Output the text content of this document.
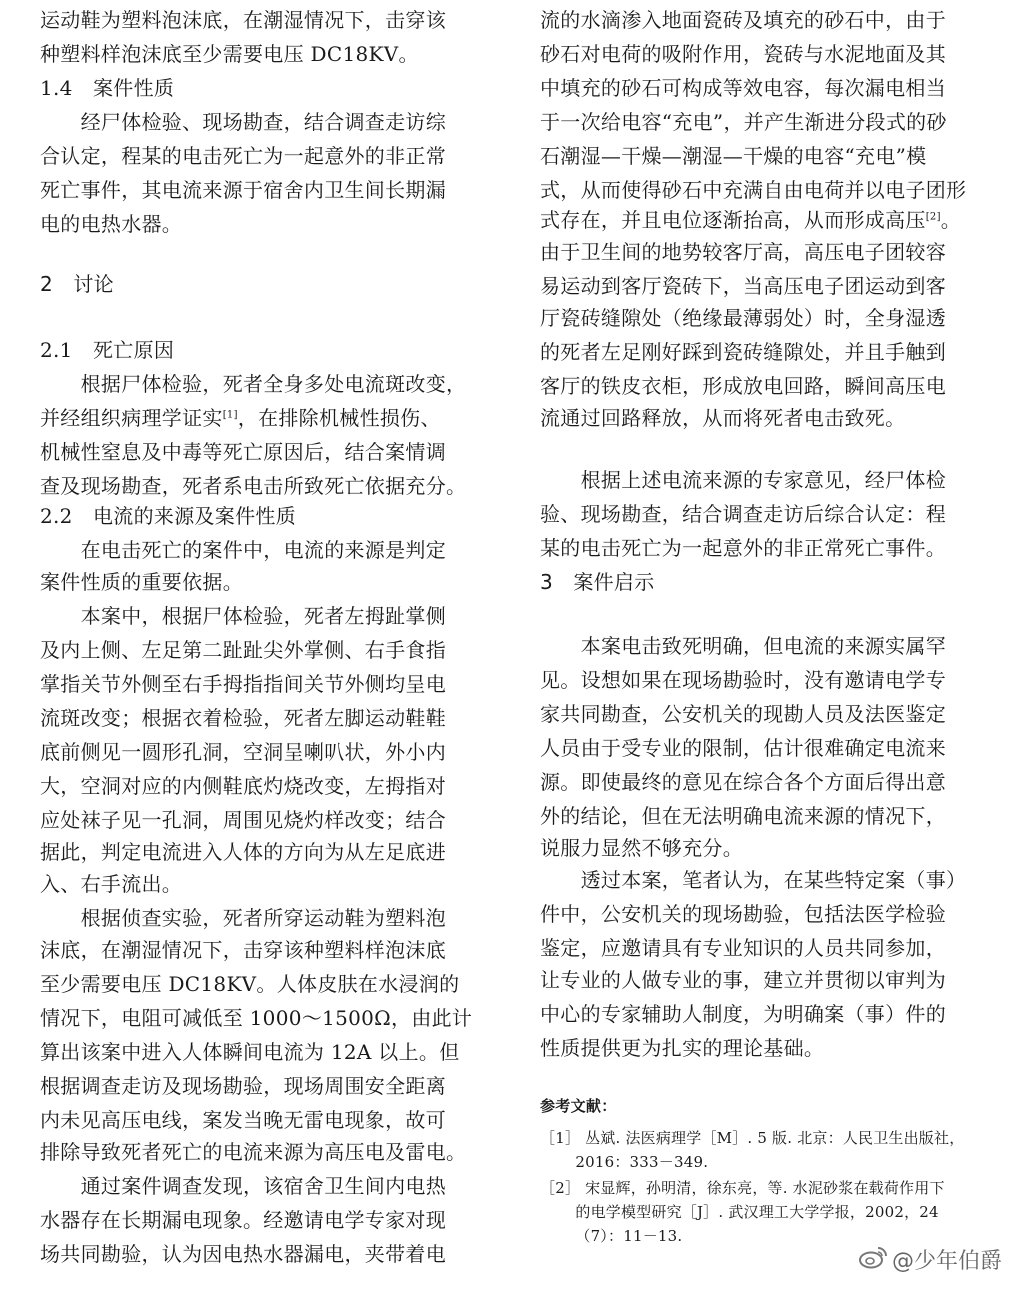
运动鞋为塑料泡沫底，在潮湿情况下，击穿该
种塑料样泡沫底至少需要电压 DC18KV。
1.4　案件性质
　　经尸体检验、现场勘查，结合调查走访综
合认定，程某的电击死亡为一起意外的非正常
死亡事件，其电流来源于宿舍内卫生间长期漏
电的电热水器。
2　讨论
2.1　死亡原因
　　根据尸体检验，死者全身多处电流斑改变，
并经组织病理学证实[1]，在排除机械性损伤、
机械性窒息及中毒等死亡原因后，结合案情调
查及现场勘查，死者系电击所致死亡依据充分。
2.2　电流的来源及案件性质
　　在电击死亡的案件中，电流的来源是判定
案件性质的重要依据。
　　本案中，根据尸体检验，死者左拇趾掌侧
及内上侧、左足第二趾趾尖外掌侧、右手食指
掌指关节外侧至右手拇指指间关节外侧均呈电
流斑改变；根据衣着检验，死者左脚运动鞋鞋
底前侧见一圆形孔洞，空洞呈喇叭状，外小内
大，空洞对应的内侧鞋底灼烧改变，左拇指对
应处袜子见一孔洞，周围见烧灼样改变；结合
据此，判定电流进入人体的方向为从左足底进
入、右手流出。
　　根据侦查实验，死者所穿运动鞋为塑料泡
沫底，在潮湿情况下，击穿该种塑料样泡沫底
至少需要电压 DC18KV。人体皮肤在水浸润的
情况下，电阻可减低至 1000～1500Ω，由此计
算出该案中进入人体瞬间电流为 12A 以上。但
根据调查走访及现场勘验，现场周围安全距离
内未见高压电线，案发当晚无雷电现象，故可
排除导致死者死亡的电流来源为高压电及雷电。
　　通过案件调查发现，该宿舍卫生间内电热
水器存在长期漏电现象。经邀请电学专家对现
场共同勘验，认为因电热水器漏电，夹带着电
流的水滴渗入地面瓷砖及填充的砂石中，由于
砂石对电荷的吸附作用，瓷砖与水泥地面及其
中填充的砂石可构成等效电容，每次漏电相当
于一次给电容“充电”，并产生渐进分段式的砂
石潮湿—干燥—潮湿—干燥的电容“充电”模
式，从而使得砂石中充满自由电荷并以电子团形
式存在，并且电位逐渐抬高，从而形成高压[2]。
由于卫生间的地势较客厅高，高压电子团较容
易运动到客厅瓷砖下，当高压电子团运动到客
厅瓷砖缝隙处（绝缘最薄弱处）时，全身湿透
的死者左足刚好踩到瓷砖缝隙处，并且手触到
客厅的铁皮衣柜，形成放电回路，瞬间高压电
流通过回路释放，从而将死者电击致死。
　　根据上述电流来源的专家意见，经尸体检
验、现场勘查，结合调查走访后综合认定：程
某的电击死亡为一起意外的非正常死亡事件。
3　案件启示
　　本案电击致死明确，但电流的来源实属罕
见。设想如果在现场勘验时，没有邀请电学专
家共同勘查，公安机关的现勘人员及法医鉴定
人员由于受专业的限制，估计很难确定电流来
源。即使最终的意见在综合各个方面后得出意
外的结论，但在无法明确电流来源的情况下，
说服力显然不够充分。
　　透过本案，笔者认为，在某些特定案（事）
件中，公安机关的现场勘验，包括法医学检验
鉴定，应邀请具有专业知识的人员共同参加，
让专业的人做专业的事，建立并贯彻以审判为
中心的专家辅助人制度，为明确案（事）件的
性质提供更为扎实的理论基础。
参考文献：
［1］ 丛斌. 法医病理学［M］. 5 版. 北京：人民卫生出版社，
　　 2016：333－349.
［2］ 宋显辉，孙明清，徐东亮，等. 水泥砂浆在载荷作用下
　　 的电学模型研究［J］. 武汉理工大学学报，2002，24
　　 （7）：11－13.
@少年伯爵
